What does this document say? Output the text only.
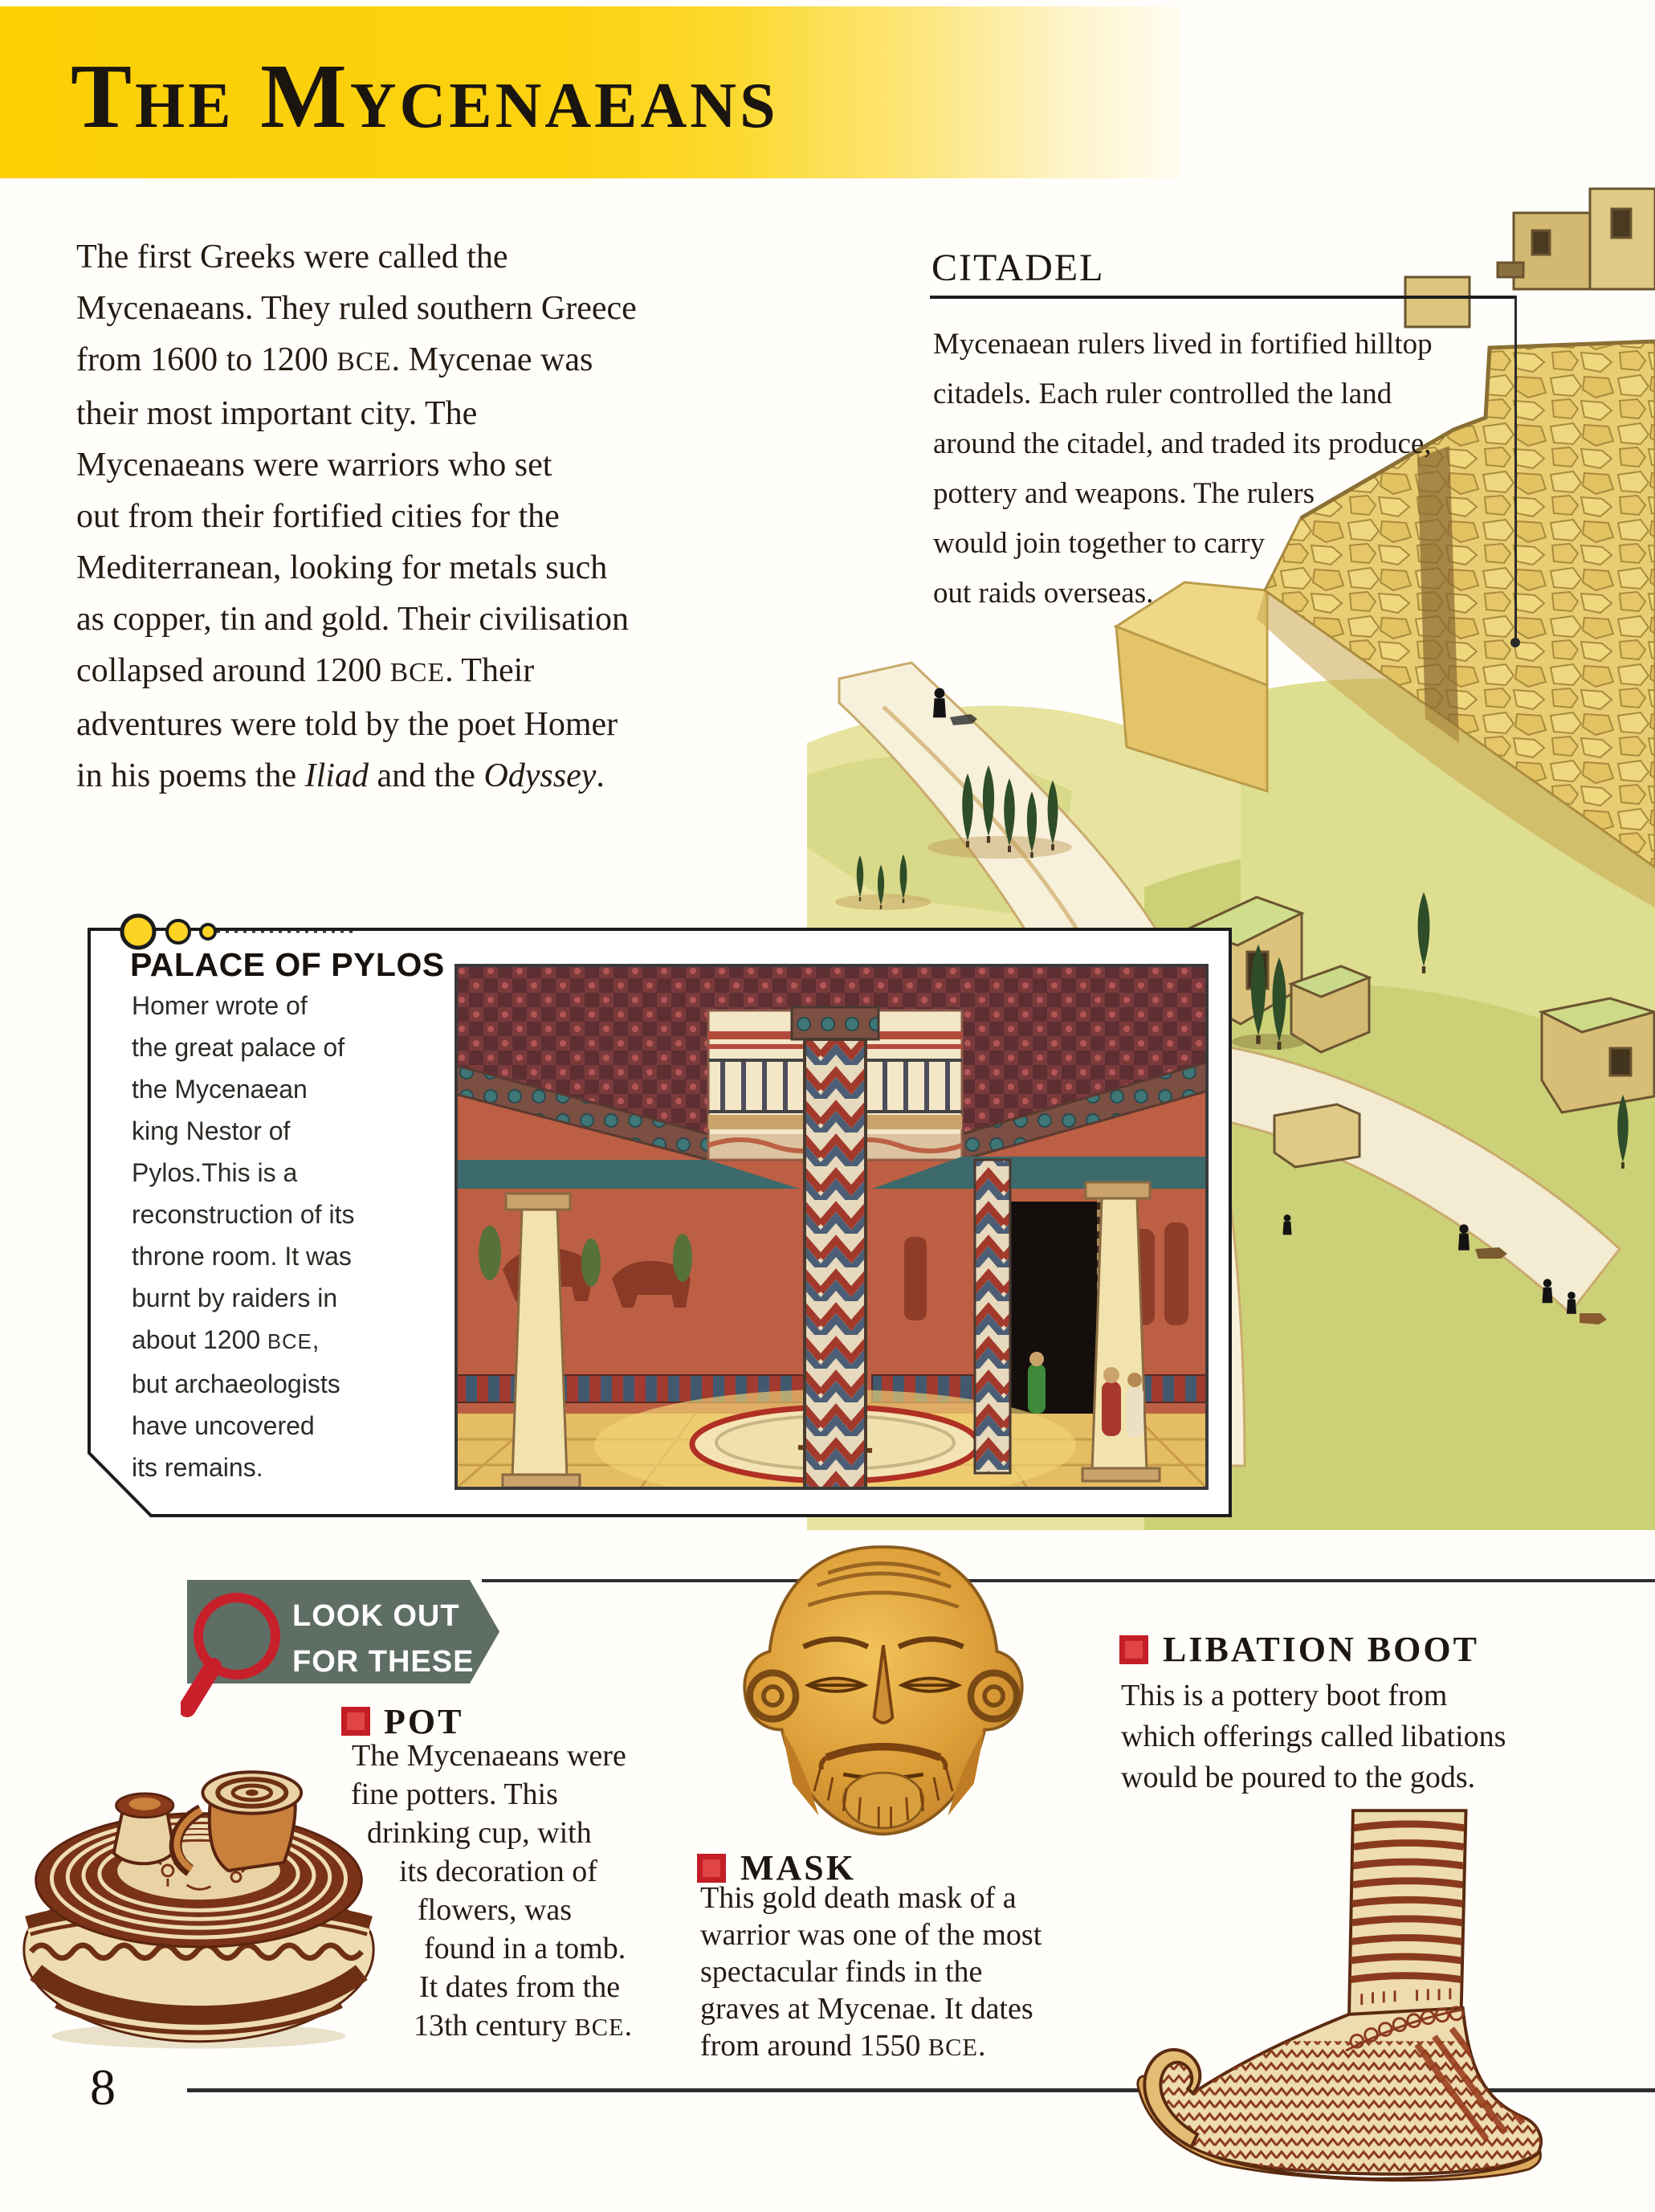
LOOK OUT
FOR THESE
8
The Mycenaeans
The first Greeks were called the
Mycenaeans. They ruled southern Greece
from 1600 to 1200 BCE. Mycenae was
their most important city. The
Mycenaeans were warriors who set
out from their fortified cities for the
Mediterranean, looking for metals such
as copper, tin and gold. Their civilisation
collapsed around 1200 BCE. Their
adventures were told by the poet Homer
in his poems the Iliad and the Odyssey.
CITADEL
Mycenaean rulers lived in fortified hilltop
citadels. Each ruler controlled the land
around the citadel, and traded its produce,
pottery and weapons. The rulers
would join together to carry
out raids overseas.
PALACE OF PYLOS
Homer wrote of
the great palace of
the Mycenaean
king Nestor of
Pylos.This is a
reconstruction of its
throne room. It was
burnt by raiders in
about 1200 BCE,
but archaeologists
have uncovered
its remains.
POT
The Mycenaeans were
fine potters. This
drinking cup, with
its decoration of
flowers, was
found in a tomb.
It dates from the
13th century BCE.
MASK
This gold death mask of a
warrior was one of the most
spectacular finds in the
graves at Mycenae. It dates
from around 1550 BCE.
LIBATION BOOT
This is a pottery boot from
which offerings called libations
would be poured to the gods.
